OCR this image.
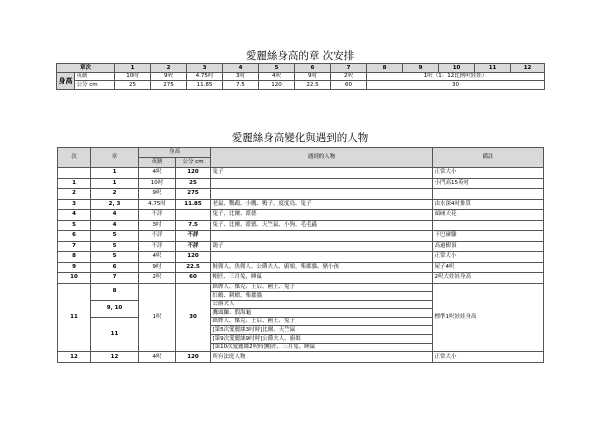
愛麗絲身高的章 次安排
章次		1	2	3	4	5	6	7	8	9	10	11	12
身高	英制	10吋	9呎	4.75吋	3吋	4呎	9吋	2呎	1呎（1：12比例呎娃娃）				
	公分 cm	25	275	11.85	7.5	120	22.5	60	30				
愛麗絲身高變化與遇到的人物
次	章	身高		遇到的人物	備註
		英制	公分 cm		
	1	4呎	120	兔子	正常大小
1	1	10吋	25		小門高15英吋
2	2	9呎	275		
3	2, 3	4.75吋	11.85	老鼠、鸚鵡、小鷹、鴨子、度度鳥、兔子	由水深4吋推算
4	4	不詳		兔子、比爾、派德	頭碰天花
5	4	3吋	7.5	兔子、比爾、派德、天竺鼠、小狗、毛毛蟲	
6	5	不詳	不詳		下巴碰腳
7	5	不詳	不詳	鴿子	高過樹頂
8	5	4呎	120		正常大小
9	6	9吋	22.5	鮭佣人、魚佣人、公爵夫人、廚娘、柴郡貓、豬小孩	屋子4呎
10	7	2呎	60	帽匠、三月兔、睡鼠	2呎大娃娃身高
11	8	1呎	30	紙牌人、傑克、王后、國王、兔子	標準1呎娃娃身高
				紅鶴、刺蝟、柴郡貓	
	9, 10			公爵夫人	
				鷹頭獅、假海龜	
	11			紙牌人、傑克、王后、國王、兔子	
				[第5次愛麗絲3吋時]比爾、天竺鼠	
				[第9次愛麗絲9吋時]公爵夫人、廚娘	
				[第10次愛麗絲2呎時]帽匠、三月兔、睡鼠	
12	12	4呎	120	所有法庭人物	正常大小
